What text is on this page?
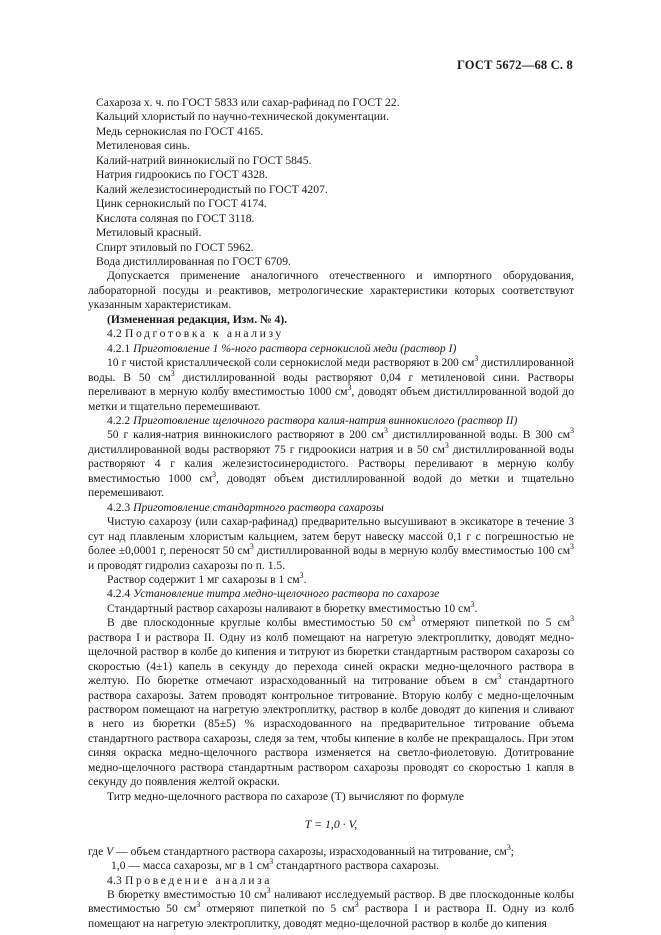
ГОСТ 5672—68 С. 8

Сахароза х. ч. по ГОСТ 5833 или сахар-рафинад по ГОСТ 22.

Кальций хлористый по научно-технической документации.

Медь сернокислая по ГОСТ 4165.

Метиленовая синь.

Калий-натрий виннокислый по ГОСТ 5845.

Натрия гидроокись по ГОСТ 4328.

Калий железистосинеродистый по ГОСТ 4207.

Цинк сернокислый по ГОСТ 4174.

Кислота соляная по ГОСТ 3118.

Метиловый красный.

Спирт этиловый по ГОСТ 5962.

Вода дистиллированная по ГОСТ 6709.

Допускается применение аналогичного отечественного и импортного оборудования, лабораторной посуды и реактивов, метрологические характеристики которых соответствуют указанным характеристикам.

(Измененная редакция, Изм. № 4).

4.2 Подготовка к анализу

4.2.1 Приготовление 1 %-ного раствора сернокислой меди (раствор I)

10 г чистой кристаллической соли сернокислой меди растворяют в 200 $см^3$ дистиллированной воды. В 50 $см^3$ дистиллированной воды растворяют 0,04 г метиленовой сини. Растворы переливают в мерную колбу вместимостью 1000 $см^3$, доводят объем дистиллированной водой до метки и тщательно перемешивают.

4.2.2 Приготовление щелочного раствора калия-натрия виннокислого (раствор II)

50 г калия-натрия виннокислого растворяют в 200 $см^3$ дистиллированной воды. В 300 $см^3$ дистиллированной воды растворяют 75 г гидроокиси натрия и в 50 $см^3$ дистиллированной воды растворяют 4 г калия железистосинеродистого. Растворы переливают в мерную колбу вместимостью 1000 $см^3$, доводят объем дистиллированной водой до метки и тщательно перемешивают.

4.2.3 Приготовление стандартного раствора сахарозы

Чистую сахарозу (или сахар-рафинад) предварительно высушивают в эксикаторе в течение 3 сут над плавленым хлористым кальцием, затем берут навеску массой 0,1 г с погрешностью не более ±0,0001 г, переносят 50 $см^3$ дистиллированной воды в мерную колбу вместимостью 100 $см^3$ и проводят гидролиз сахарозы по п. 1.5.

Раствор содержит 1 мг сахарозы в 1 $см^3$.

4.2.4 Установление титра медно-щелочного раствора по сахарозе

Стандартный раствор сахарозы наливают в бюретку вместимостью 10 $см^3$.

В две плоскодонные круглые колбы вместимостью 50 $см^3$ отмеряют пипеткой по 5 $см^3$ раствора I и раствора II. Одну из колб помещают на нагретую электроплитку, доводят медно-щелочной раствор в колбе до кипения и титруют из бюретки стандартным раствором сахарозы со скоростью (4±1) капель в секунду до перехода синей окраски медно-щелочного раствора в желтую. По бюретке отмечают израсходованный на титрование объем в $см^3$ стандартного раствора сахарозы. Затем проводят контрольное титрование. Вторую колбу с медно-щелочным раствором помещают на нагретую электроплитку, раствор в колбе доводят до кипения и сливают в него из бюретки (85±5) % израсходованного на предварительное титрование объема стандартного раствора сахарозы, следя за тем, чтобы кипение в колбе не прекращалось. При этом синяя окраска медно-щелочного раствора изменяется на светло-фиолетовую. Дотитрование медно-щелочного раствора стандартным раствором сахарозы проводят со скоростью 1 капля в секунду до появления желтой окраски.

Титр медно-щелочного раствора по сахарозе (T) вычисляют по формуле

T = 1,0 · V,

где V — объем стандартного раствора сахарозы, израсходованный на титрование, $см^3$;

1,0 — масса сахарозы, мг в 1 $см^3$ стандартного раствора сахарозы.

4.3 Проведение анализа

В бюретку вместимостью 10 $см^3$ наливают исследуемый раствор. В две плоскодонные колбы вместимостью 50 $см^3$ отмеряют пипеткой по 5 $см^3$ раствора I и раствора II. Одну из колб помещают на нагретую электроплитку, доводят медно-щелочной раствор в колбе до кипения
